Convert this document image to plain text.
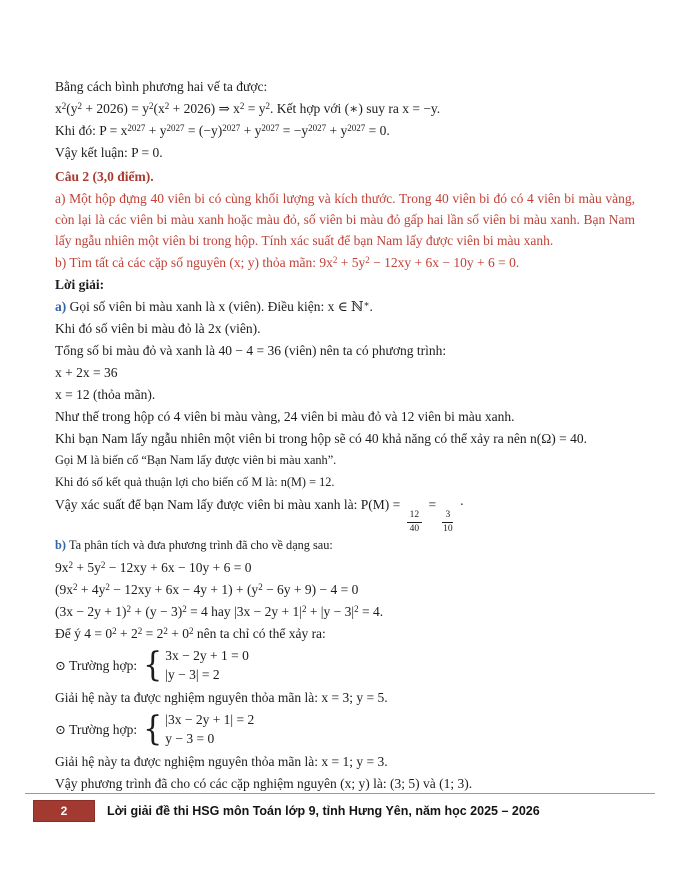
Bằng cách bình phương hai vế ta được:
$x^2(y^2 + 2026) = y^2(x^2 + 2026)$ ⇒ $x^2 = y^2$. Kết hợp với (∗) suy ra x = −y.
Khi đó: $P = x^{2027} + y^{2027} = (-y)^{2027} + y^{2027} = -y^{2027} + y^{2027} = 0$.
Vậy kết luận: P = 0.
Câu 2 (3,0 điểm).
a) Một hộp đựng 40 viên bi có cùng khối lượng và kích thước. Trong 40 viên bi đó có 4 viên bi màu vàng, còn lại là các viên bi màu xanh hoặc màu đỏ, số viên bi màu đỏ gấp hai lần số viên bi màu xanh. Bạn Nam lấy ngẫu nhiên một viên bi trong hộp. Tính xác suất để bạn Nam lấy được viên bi màu xanh.
b) Tìm tất cả các cặp số nguyên (x; y) thỏa mãn: $9x^2 + 5y^2 - 12xy + 6x - 10y + 6 = 0$.
Lời giải:
a) Gọi số viên bi màu xanh là x (viên). Điều kiện: x ∈ ℕ∗.
Khi đó số viên bi màu đỏ là 2x (viên).
Tổng số bi màu đỏ và xanh là 40 − 4 = 36 (viên) nên ta có phương trình:
x + 2x = 36
x = 12 (thỏa mãn).
Như thế trong hộp có 4 viên bi màu vàng, 24 viên bi màu đỏ và 12 viên bi màu xanh.
Khi bạn Nam lấy ngẫu nhiên một viên bi trong hộp sẽ có 40 khả năng có thể xảy ra nên n(Ω) = 40.
Gọi M là biến cố “Bạn Nam lấy được viên bi màu xanh”.
Khi đó số kết quả thuận lợi cho biến cố M là: n(M) = 12.
Vậy xác suất để bạn Nam lấy được viên bi màu xanh là: P(M) =
$\frac{12}{40}$
=
$\frac{3}{10}$
·
b) Ta phân tích và đưa phương trình đã cho về dạng sau:
$9x^2 + 5y^2 - 12xy + 6x - 10y + 6 = 0$
$(9x^2 + 4y^2 - 12xy + 6x - 4y + 1) + (y^2 - 6y + 9) - 4 = 0$
$(3x - 2y + 1)^2 + (y - 3)^2 = 4$ hay $|3x - 2y + 1|^2 + |y - 3|^2 = 4$.
Để ý $4 = 0^2 + 2^2 = 2^2 + 0^2$ nên ta chỉ có thể xảy ra:
⊙ Trường hợp: { 3x − 2y + 1 = 0
|y − 3| = 2
Giải hệ này ta được nghiệm nguyên thỏa mãn là: x = 3; y = 5.
⊙ Trường hợp: { |3x − 2y + 1| = 2
y − 3 = 0
Giải hệ này ta được nghiệm nguyên thỏa mãn là: x = 1; y = 3.
Vậy phương trình đã cho có các cặp nghiệm nguyên (x; y) là: (3; 5) và (1; 3).
2	Lời giải đề thi HSG môn Toán lớp 9, tỉnh Hưng Yên, năm học 2025 – 2026
